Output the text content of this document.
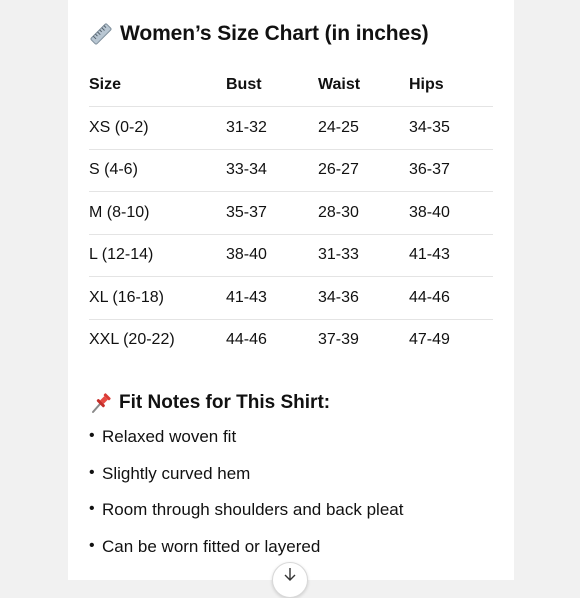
Women’s Size Chart (in inches)
Size	Bust	Waist	Hips
XS (0-2)	31-32	24-25	34-35
S (4-6)	33-34	26-27	36-37
M (8-10)	35-37	28-30	38-40
L (12-14)	38-40	31-33	41-43
XL (16-18)	41-43	34-36	44-46
XXL (20-22)	44-46	37-39	47-49
Fit Notes for This Shirt:
• Relaxed woven fit
• Slightly curved hem
• Room through shoulders and back pleat
• Can be worn fitted or layered
